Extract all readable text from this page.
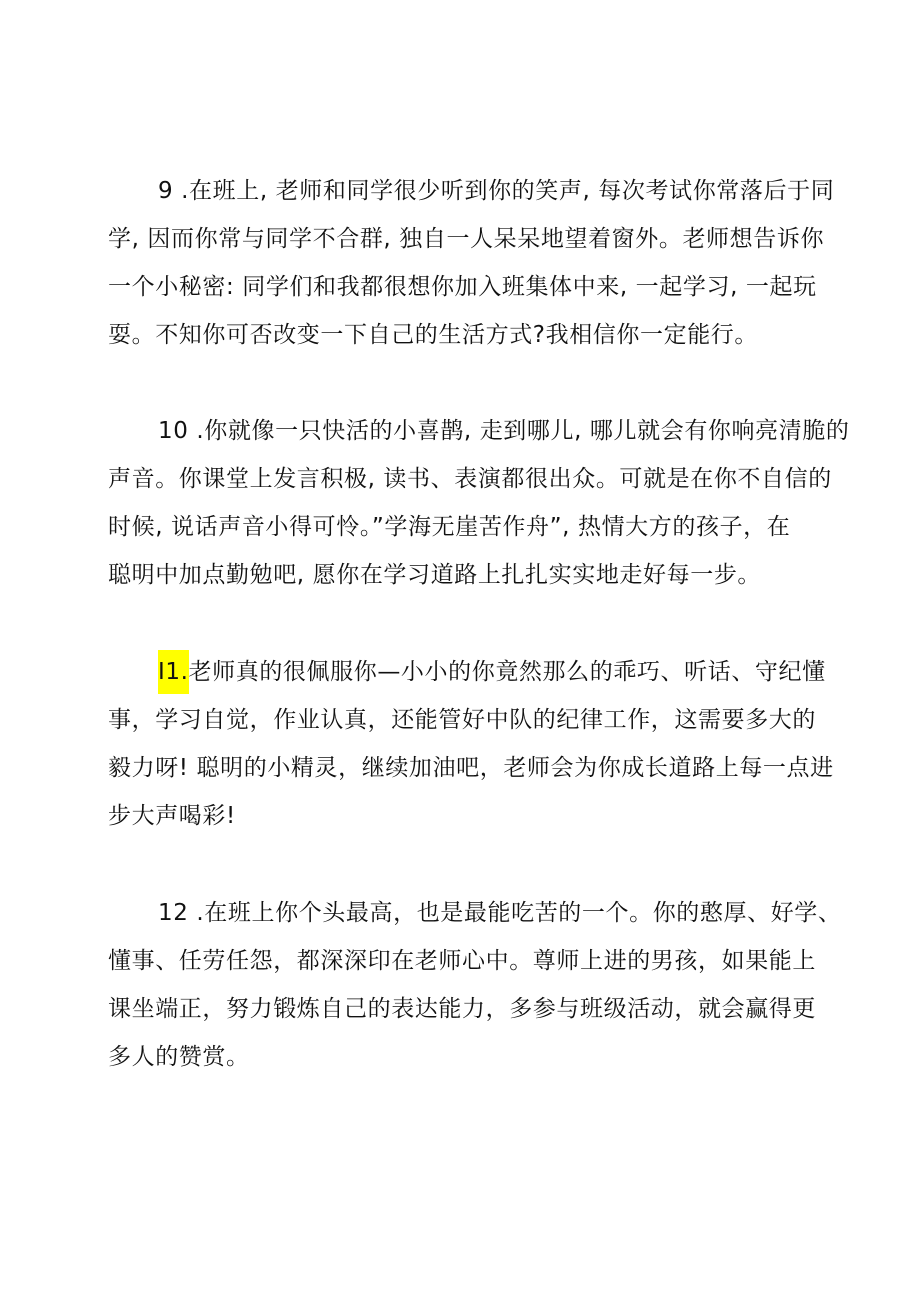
9 .在班上, 老师和同学很少听到你的笑声, 每次考试你常落后于同
学, 因而你常与同学不合群, 独自一人呆呆地望着窗外。老师想告诉你
一个小秘密: 同学们和我都很想你加入班集体中来, 一起学习, 一起玩
耍。不知你可否改变一下自己的生活方式?我相信你一定能行。
10 .你就像一只快活的小喜鹊, 走到哪儿, 哪儿就会有你响亮清脆的
声音。你课堂上发言积极, 读书、表演都很出众。可就是在你不自信的
时候, 说话声音小得可怜。”学海无崖苦作舟”, 热情大方的孩子，在
聪明中加点勤勉吧, 愿你在学习道路上扎扎实实地走好每一步。
I1.老师真的很佩服你—小小的你竟然那么的乖巧、听话、守纪懂
事，学习自觉，作业认真，还能管好中队的纪律工作，这需要多大的
毅力呀! 聪明的小精灵，继续加油吧，老师会为你成长道路上每一点进
步大声喝彩!
12 .在班上你个头最高，也是最能吃苦的一个。你的憨厚、好学、
懂事、任劳任怨，都深深印在老师心中。尊师上进的男孩，如果能上
课坐端正，努力锻炼自己的表达能力，多参与班级活动，就会赢得更
多人的赞赏。
